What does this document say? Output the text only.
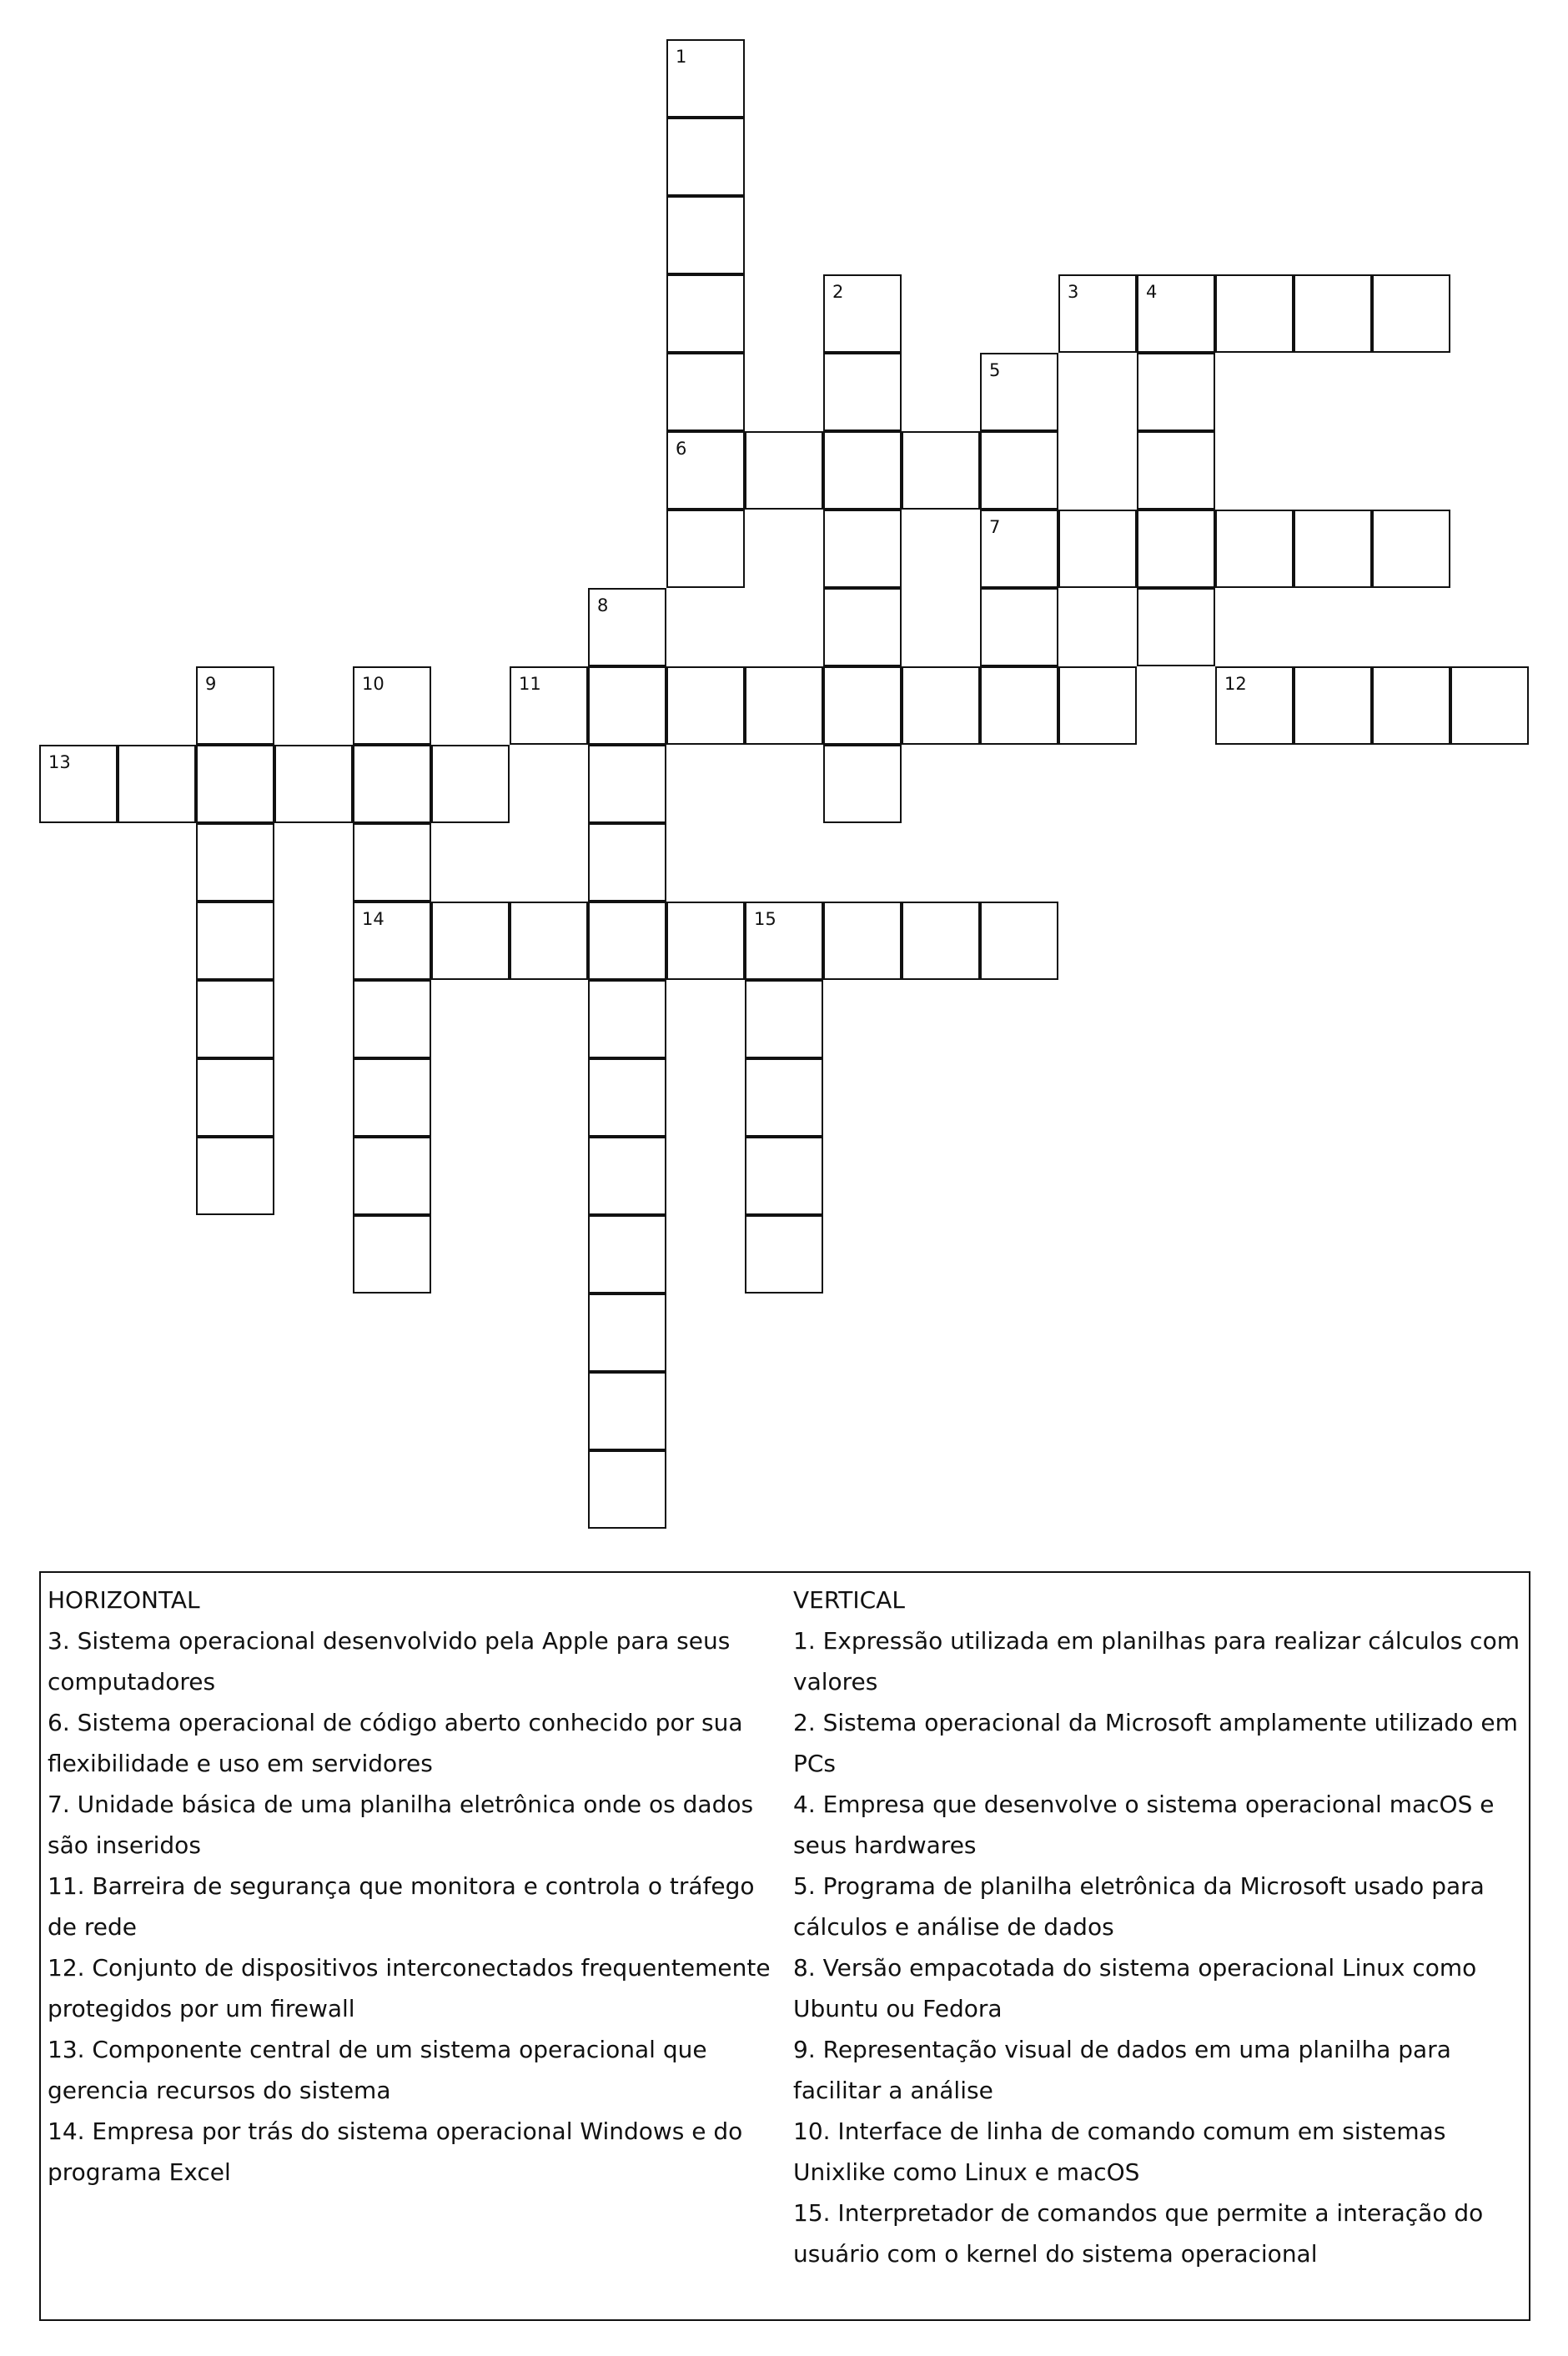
1
6
2	3	4
5
7
8
9	10
14
11	12
13
15
HORIZONTAL
3. Sistema operacional desenvolvido pela Apple para seus computadores
6. Sistema operacional de código aberto conhecido por sua flexibilidade e uso em servidores
7. Unidade básica de uma planilha eletrônica onde os dados são inseridos
11. Barreira de segurança que monitora e controla o tráfego de rede
12. Conjunto de dispositivos interconectados frequentemente protegidos por um firewall
13. Componente central de um sistema operacional que gerencia recursos do sistema
14. Empresa por trás do sistema operacional Windows e do programa Excel
VERTICAL
1. Expressão utilizada em planilhas para realizar cálculos com valores
2. Sistema operacional da Microsoft amplamente utilizado em PCs
4. Empresa que desenvolve o sistema operacional macOS e seus hardwares
5. Programa de planilha eletrônica da Microsoft usado para cálculos e análise de dados
8. Versão empacotada do sistema operacional Linux como Ubuntu ou Fedora
9. Representação visual de dados em uma planilha para facilitar a análise
10. Interface de linha de comando comum em sistemas Unixlike como Linux e macOS
15. Interpretador de comandos que permite a interação do usuário com o kernel do sistema operacional
